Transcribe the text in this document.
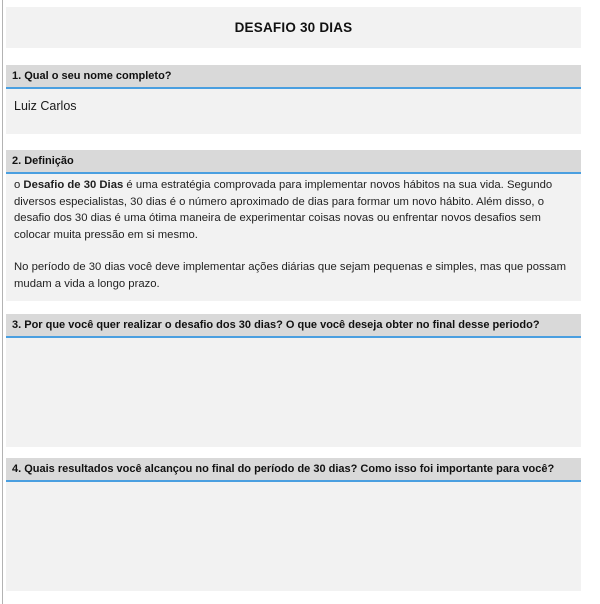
DESAFIO 30 DIAS
1. Qual o seu nome completo?
Luiz Carlos
2. Definição

o Desafio de 30 Dias é uma estratégia comprovada para implementar novos hábitos na sua vida. Segundo diversos especialistas, 30 dias é o número aproximado de dias para formar um novo hábito. Além disso, o desafio dos 30 dias é uma ótima maneira de experimentar coisas novas ou enfrentar novos desafios sem colocar muita pressão em si mesmo.

No período de 30 dias você deve implementar ações diárias que sejam pequenas e simples, mas que possam mudam a vida a longo prazo.

3. Por que você quer realizar o desafio dos 30 dias? O que você deseja obter no final desse periodo?
4. Quais resultados você alcançou no final do período de 30 dias? Como isso foi importante para você?
